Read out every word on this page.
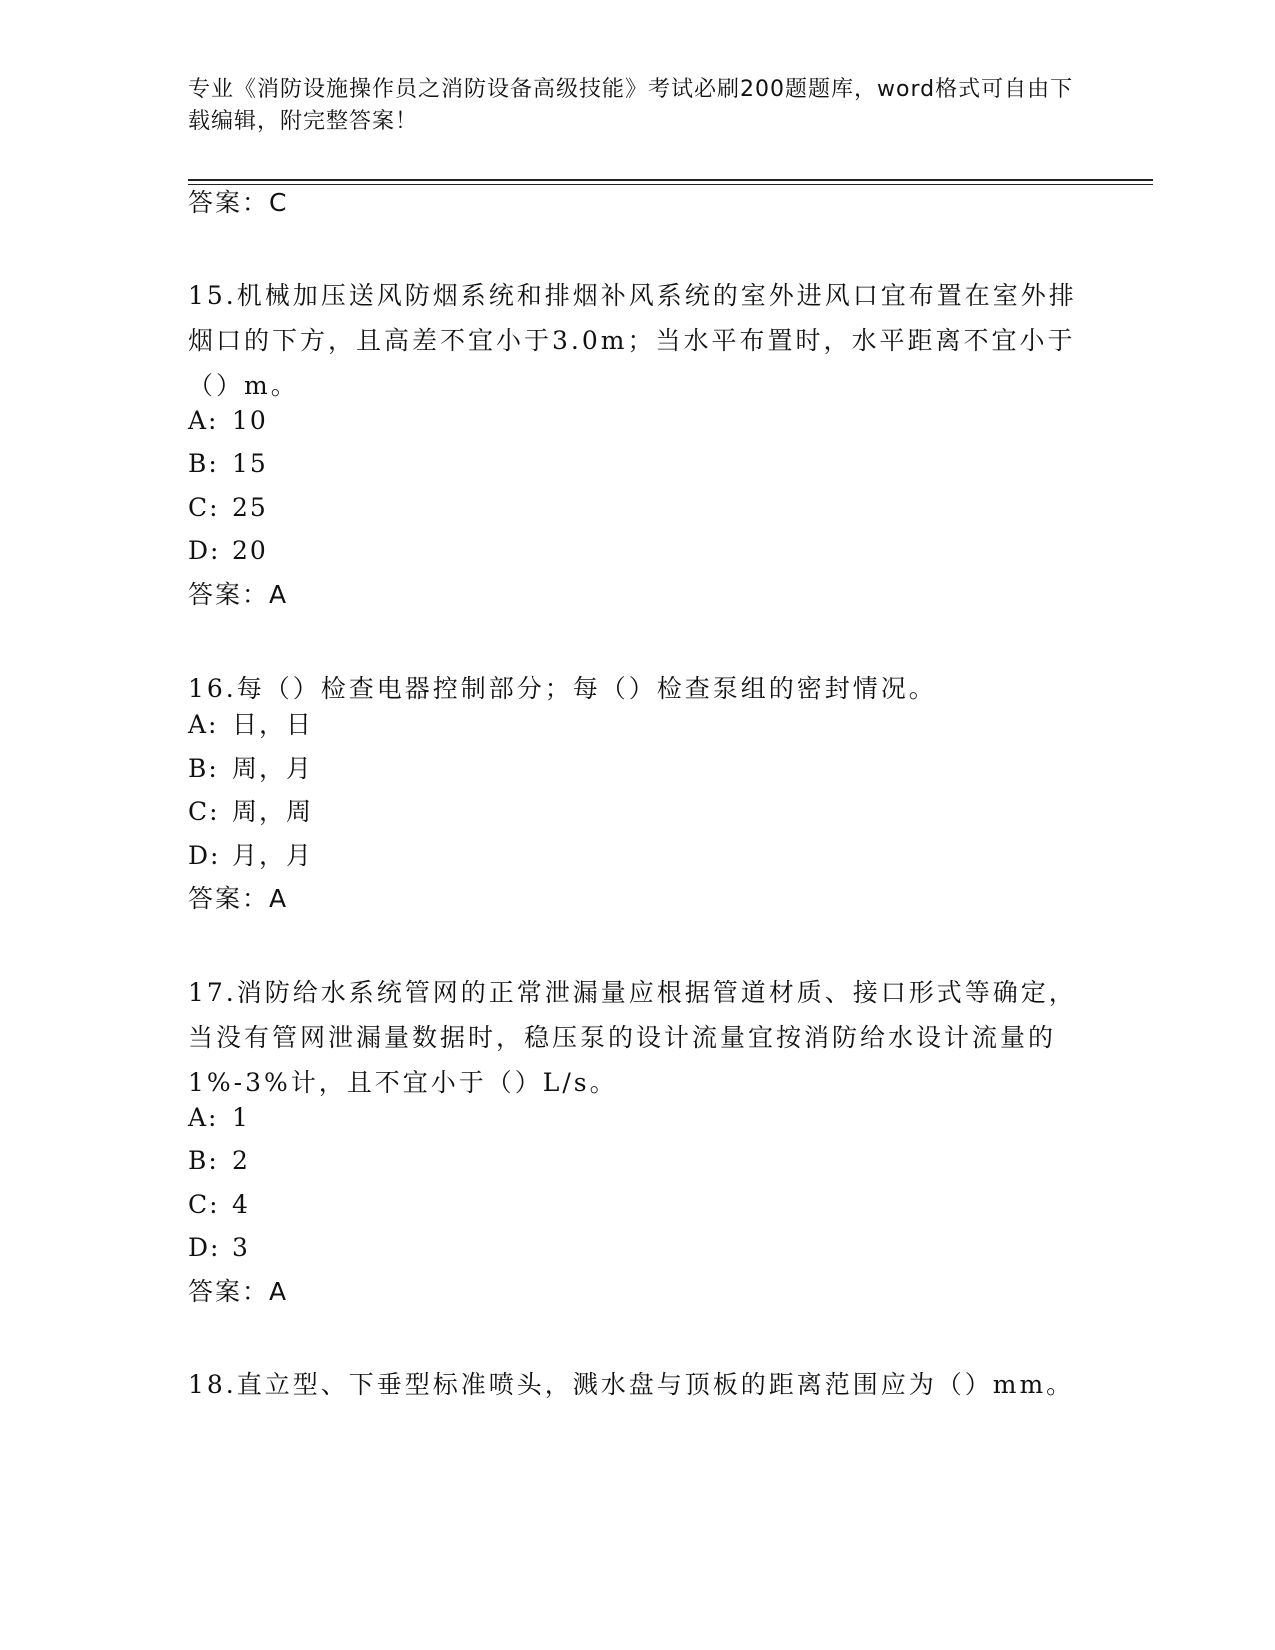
专业《消防设施操作员之消防设备高级技能》考试必刷200题题库，word格式可自由下载编辑，附完整答案！
答案：C
15.机械加压送风防烟系统和排烟补风系统的室外进风口宜布置在室外排烟口的下方，且高差不宜小于3.0m；当水平布置时，水平距离不宜小于（）m。
A: 10
B: 15
C: 25
D: 20
答案：A
16.每（）检查电器控制部分；每（）检查泵组的密封情况。
A: 日，日
B: 周，月
C: 周，周
D: 月，月
答案：A
17.消防给水系统管网的正常泄漏量应根据管道材质、接口形式等确定，当没有管网泄漏量数据时，稳压泵的设计流量宜按消防给水设计流量的1%-3%计，且不宜小于（）L/s。
A: 1
B: 2
C: 4
D: 3
答案：A
18.直立型、下垂型标准喷头，溅水盘与顶板的距离范围应为（）mm。
